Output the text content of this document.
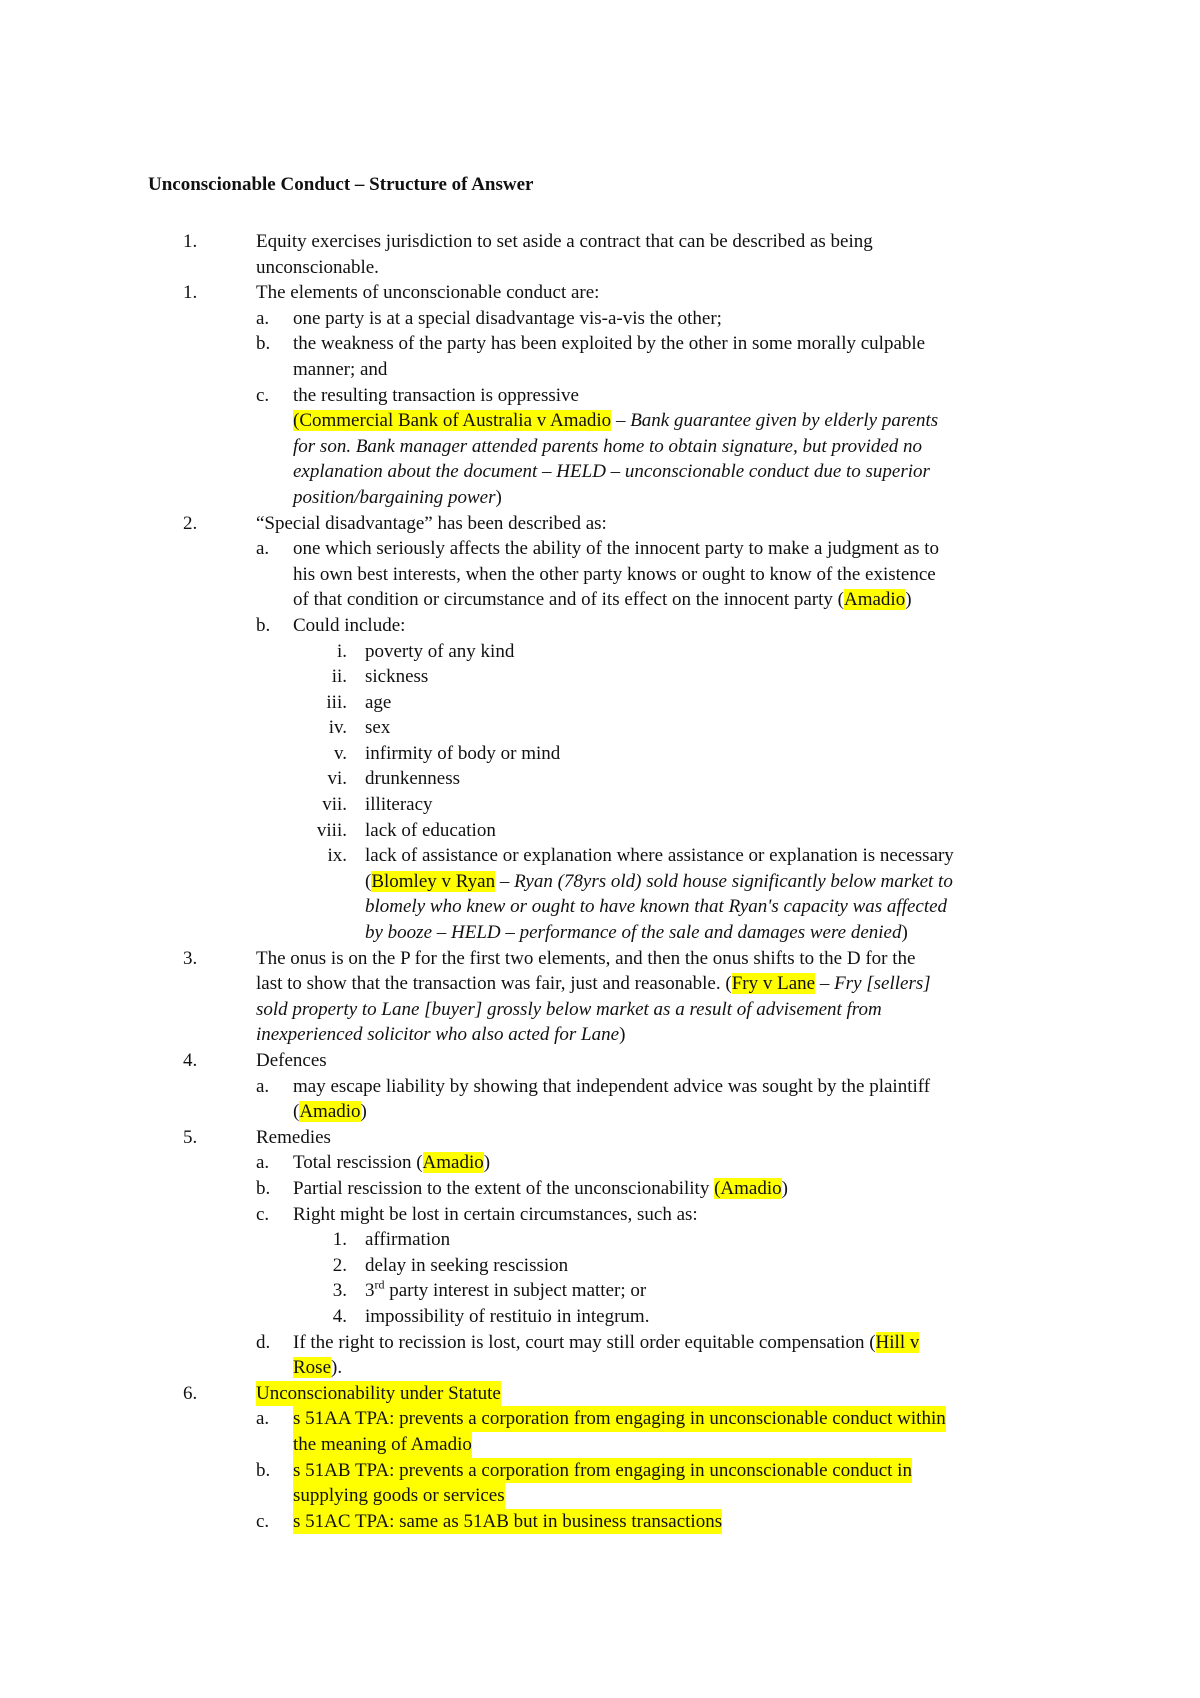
Unconscionable Conduct – Structure of Answer
1.	Equity exercises jurisdiction to set aside a contract that can be described as being
unconscionable.
1.	The elements of unconscionable conduct are:
a. one party is at a special disadvantage vis-a-vis the other;
b. the weakness of the party has been exploited by the other in some morally culpable
manner; and
c. the resulting transaction is oppressive
(Commercial Bank of Australia v Amadio – Bank guarantee given by elderly parents
for son. Bank manager attended parents home to obtain signature, but provided no
explanation about the document – HELD – unconscionable conduct due to superior
position/bargaining power)
2.	“Special disadvantage” has been described as:
a. one which seriously affects the ability of the innocent party to make a judgment as to
his own best interests, when the other party knows or ought to know of the existence
of that condition or circumstance and of its effect on the innocent party (Amadio)
b. Could include:
i. poverty of any kind
ii. sickness
iii. age
iv. sex
v. infirmity of body or mind
vi. drunkenness
vii. illiteracy
viii. lack of education
ix. lack of assistance or explanation where assistance or explanation is necessary
(Blomley v Ryan – Ryan (78yrs old) sold house significantly below market to
blomely who knew or ought to have known that Ryan's capacity was affected
by booze – HELD – performance of the sale and damages were denied)
3.	The onus is on the P for the first two elements, and then the onus shifts to the D for the
last to show that the transaction was fair, just and reasonable. (Fry v Lane – Fry [sellers]
sold property to Lane [buyer] grossly below market as a result of advisement from
inexperienced solicitor who also acted for Lane)
4.	Defences
a. may escape liability by showing that independent advice was sought by the plaintiff
(Amadio)
5.	Remedies
a. Total rescission (Amadio)
b. Partial rescission to the extent of the unconscionability (Amadio)
c. Right might be lost in certain circumstances, such as:
1. affirmation
2. delay in seeking rescission
3. 3rd party interest in subject matter; or
4. impossibility of restituio in integrum.
d. If the right to recission is lost, court may still order equitable compensation (Hill v
Rose).
6.	Unconscionability under Statute
a. s 51AA TPA: prevents a corporation from engaging in unconscionable conduct within
the meaning of Amadio
b. s 51AB TPA: prevents a corporation from engaging in unconscionable conduct in
supplying goods or services
c. s 51AC TPA: same as 51AB but in business transactions
